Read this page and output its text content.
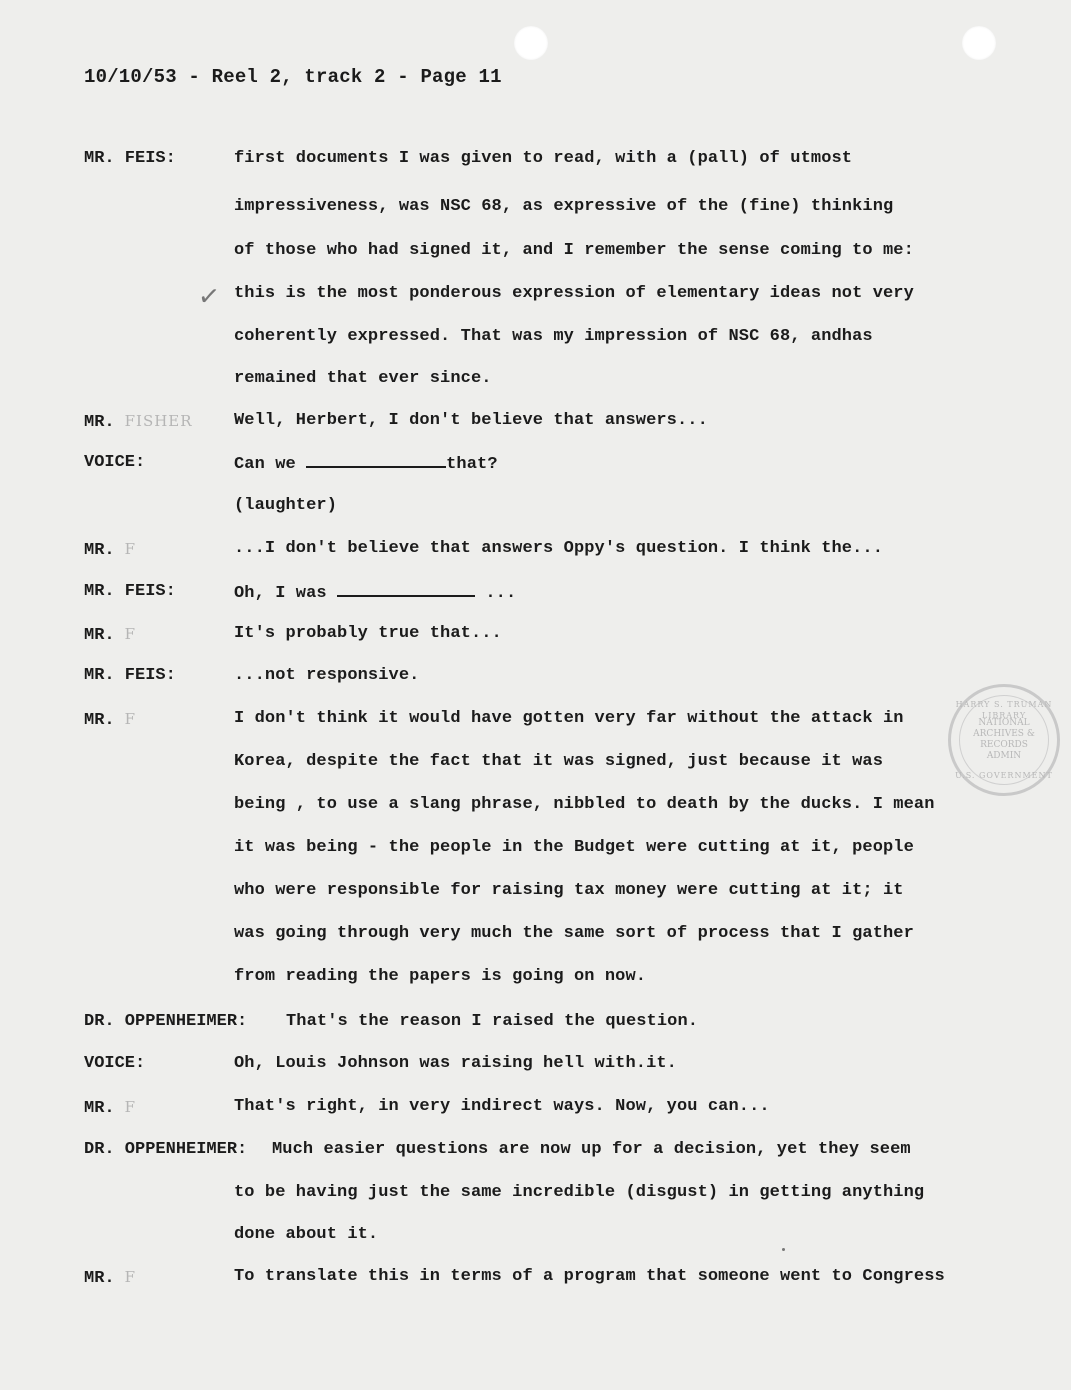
10/10/53 - Reel 2, track 2 - Page 11
MR. FEIS:
MR. FISHER
VOICE:
MR. F
MR. FEIS:
MR. F
MR. FEIS:
MR. F
DR. OPPENHEIMER:
VOICE:
MR. F
DR. OPPENHEIMER:
MR. F
✓
first documents I was given to read, with a (pall) of utmost
impressiveness, was NSC 68, as expressive of the (fine) thinking
of those who had signed it, and I remember the sense coming to me:
this is the most ponderous expression of elementary ideas not very
coherently expressed. That was my impression of NSC 68, andhas
remained that ever since.
Well, Herbert, I don't believe that answers...
Can we	that?
(laughter)
...I don't believe that answers Oppy's question. I think the...
Oh, I was	...
It's probably true that...
...not responsive.
I don't think it would have gotten very far without the attack in
Korea, despite the fact that it was signed, just because it was
being , to use a slang phrase, nibbled to death by the ducks. I mean
it was being - the people in the Budget were cutting at it, people
who were responsible for raising tax money were cutting at it; it
was going through very much the same sort of process that I gather
from reading the papers is going on now.
That's the reason I raised the question.
Oh, Louis Johnson was raising hell with.it.
That's right, in very indirect ways. Now, you can...
Much easier questions are now up for a decision, yet they seem
to be having just the same incredible (disgust) in getting anything
done about it.
To translate this in terms of a program that someone went to Congress
HARRY S. TRUMAN LIBRARY
NATIONAL
ARCHIVES &
RECORDS
ADMIN
U.S. GOVERNMENT
